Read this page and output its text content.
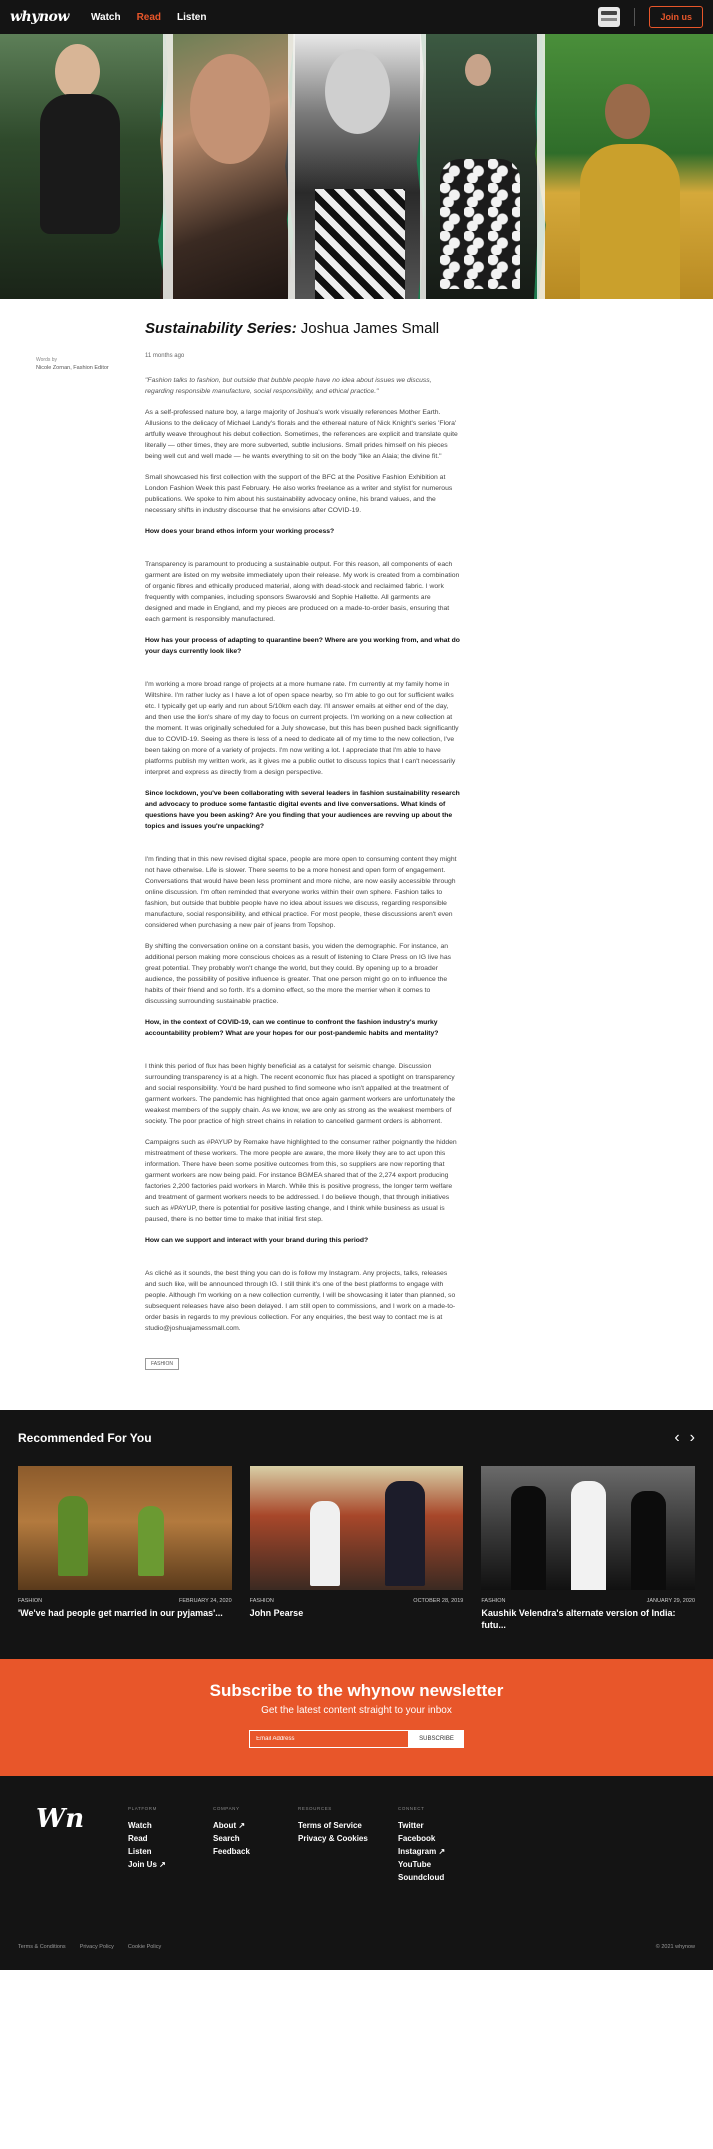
whynow Watch Read Listen	Join us
Words by
Nicole Zornan, Fashion Editor
Sustainability Series: Joshua James Small
11 months ago

"Fashion talks to fashion, but outside that bubble people have no idea about issues we discuss, regarding responsible manufacture, social responsibility, and ethical practice."

As a self-professed nature boy, a large majority of Joshua's work visually references Mother Earth. Allusions to the delicacy of Michael Landy's florals and the ethereal nature of Nick Knight's series 'Flora' artfully weave throughout his debut collection. Sometimes, the references are explicit and translate quite literally — other times, they are more subverted, subtle inclusions. Small prides himself on his pieces being well cut and well made — he wants everything to sit on the body "like an Alaia; the divine fit."

Small showcased his first collection with the support of the BFC at the Positive Fashion Exhibition at London Fashion Week this past February. He also works freelance as a writer and stylist for numerous publications. We spoke to him about his sustainability advocacy online, his brand values, and the necessary shifts in industry discourse that he envisions after COVID-19.

How does your brand ethos inform your working process?

Transparency is paramount to producing a sustainable output. For this reason, all components of each garment are listed on my website immediately upon their release. My work is created from a combination of organic fibres and ethically produced material, along with dead-stock and reclaimed fabric. I work frequently with companies, including sponsors Swarovski and Sophie Hallette. All garments are designed and made in England, and my pieces are produced on a made-to-order basis, ensuring that each garment is responsibly manufactured.

How has your process of adapting to quarantine been? Where are you working from, and what do your days currently look like?

I'm working a more broad range of projects at a more humane rate. I'm currently at my family home in Wiltshire. I'm rather lucky as I have a lot of open space nearby, so I'm able to go out for sufficient walks etc. I typically get up early and run about 5/10km each day. I'll answer emails at either end of the day, and then use the lion's share of my day to focus on current projects. I'm working on a new collection at the moment. It was originally scheduled for a July showcase, but this has been pushed back significantly due to COVID-19. Seeing as there is less of a need to dedicate all of my time to the new collection, I've been taking on more of a variety of projects. I'm now writing a lot. I appreciate that I'm able to have platforms publish my written work, as it gives me a public outlet to discuss topics that I can't necessarily interpret and express as directly from a design perspective.

Since lockdown, you've been collaborating with several leaders in fashion sustainability research and advocacy to produce some fantastic digital events and live conversations. What kinds of questions have you been asking? Are you finding that your audiences are revving up about the topics and issues you're unpacking?

I'm finding that in this new revised digital space, people are more open to consuming content they might not have otherwise. Life is slower. There seems to be a more honest and open form of engagement. Conversations that would have been less prominent and more niche, are now easily accessible through online discussion. I'm often reminded that everyone works within their own sphere. Fashion talks to fashion, but outside that bubble people have no idea about issues we discuss, regarding responsible manufacture, social responsibility, and ethical practice. For most people, these discussions aren't even considered when purchasing a new pair of jeans from Topshop.

By shifting the conversation online on a constant basis, you widen the demographic. For instance, an additional person making more conscious choices as a result of listening to Clare Press on IG live has great potential. They probably won't change the world, but they could. By opening up to a broader audience, the possibility of positive influence is greater. That one person might go on to influence the habits of their friend and so forth. It's a domino effect, so the more the merrier when it comes to discussing surrounding sustainable practice.

How, in the context of COVID-19, can we continue to confront the fashion industry's murky accountability problem? What are your hopes for our post-pandemic habits and mentality?

I think this period of flux has been highly beneficial as a catalyst for seismic change. Discussion surrounding transparency is at a high. The recent economic flux has placed a spotlight on transparency and social responsibility. You'd be hard pushed to find someone who isn't appalled at the treatment of garment workers. The pandemic has highlighted that once again garment workers are unfortunately the weakest members of the supply chain. As we know, we are only as strong as the weakest members of society. The poor practice of high street chains in relation to cancelled garment orders is abhorrent.

Campaigns such as #PAYUP by Remake have highlighted to the consumer rather poignantly the hidden mistreatment of these workers. The more people are aware, the more likely they are to act upon this information. There have been some positive outcomes from this, so suppliers are now reporting that garment workers are now being paid. For instance BGMEA shared that of the 2,274 export producing factories 2,200 factories paid workers in March. While this is positive progress, the longer term welfare and treatment of garment workers needs to be addressed. I do believe though, that through initiatives such as #PAYUP, there is potential for positive lasting change, and I think while business as usual is paused, there is no better time to make that initial first step.

How can we support and interact with your brand during this period?

As cliché as it sounds, the best thing you can do is follow my Instagram. Any projects, talks, releases and such like, will be announced through IG. I still think it's one of the best platforms to engage with people. Although I'm working on a new collection currently, I will be showcasing it later than planned, so subsequent releases have also been delayed. I am still open to commissions, and I work on a made-to-order basis in regards to my previous collection. For any enquiries, the best way to contact me is at studio@joshuajamessmall.com.

FASHION
Recommended For You	‹ ›
FASHION	FEBRUARY 24, 2020
'We've had people get married in our pyjamas'...
FASHION	OCTOBER 28, 2019
John Pearse
FASHION	JANUARY 29, 2020
Kaushik Velendra's alternate version of India: futu...
Subscribe to the whynow newsletter
Get the latest content straight to your inbox
Email Address
SUBSCRIBE
Wn	PLATFORM
Watch
Read
Listen
Join Us ↗
COMPANY
About ↗
Search
Feedback
RESOURCES
Terms of Service
Privacy & Cookies
CONNECT
Twitter
Facebook
Instagram ↗
YouTube
Soundcloud
Terms & Conditions	Privacy Policy	Cookie Policy	© 2021 whynow
